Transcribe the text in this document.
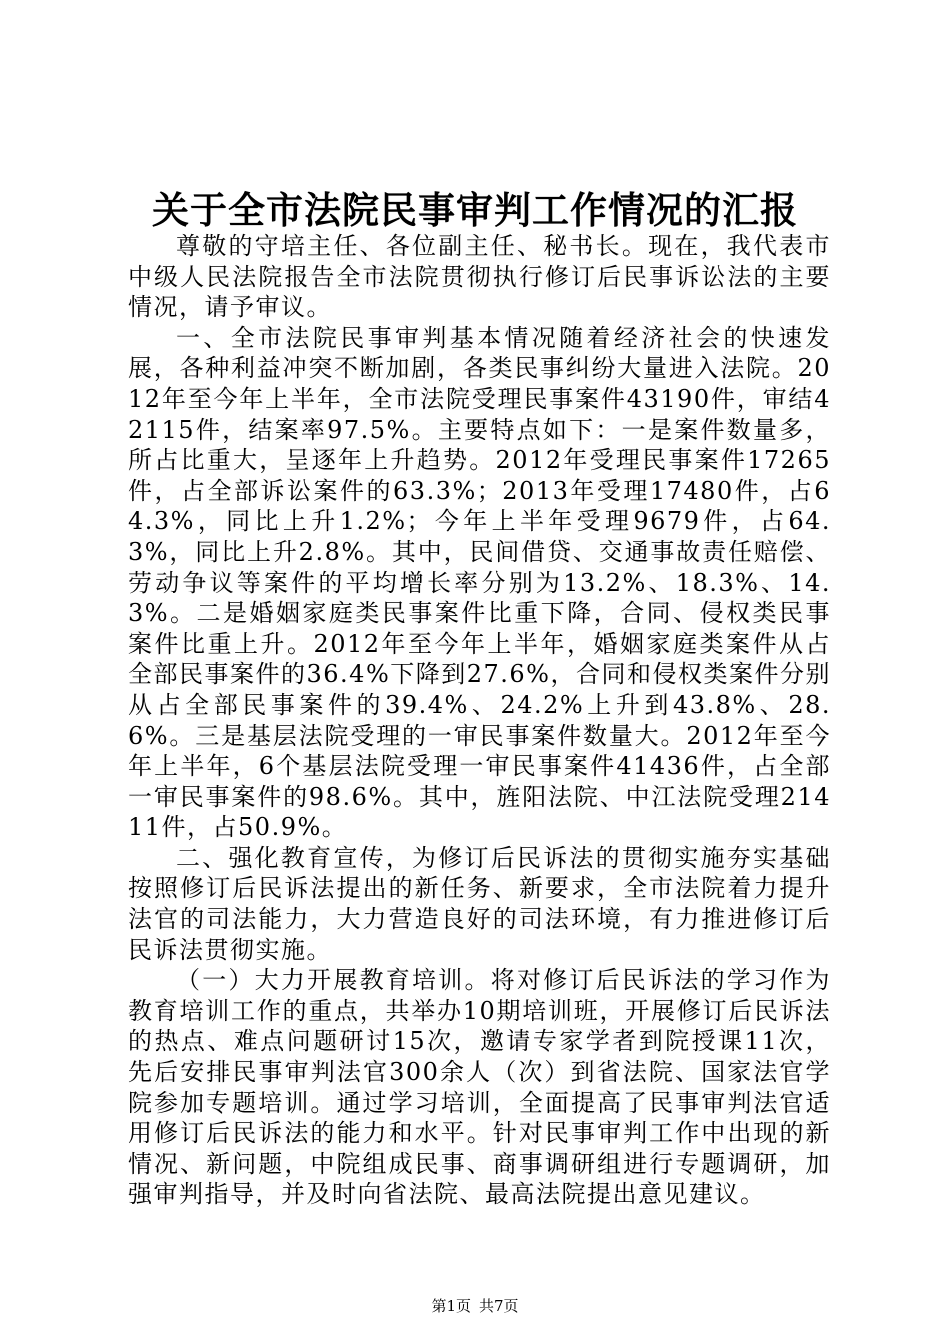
关于全市法院民事审判工作情况的汇报

尊敬的守培主任、各位副主任、秘书长。现在，我代表市中级人民法院报告全市法院贯彻执行修订后民事诉讼法的主要情况，请予审议。

一、全市法院民事审判基本情况随着经济社会的快速发展，各种利益冲突不断加剧，各类民事纠纷大量进入法院。2012年至今年上半年，全市法院受理民事案件43190件，审结42115件，结案率97.5%。主要特点如下：一是案件数量多，所占比重大，呈逐年上升趋势。2012年受理民事案件17265件，占全部诉讼案件的63.3%；2013年受理17480件，占64.3%，同比上升1.2%；今年上半年受理9679件，占64.3%，同比上升2.8%。其中，民间借贷、交通事故责任赔偿、劳动争议等案件的平均增长率分别为13.2%、18.3%、14.3%。二是婚姻家庭类民事案件比重下降，合同、侵权类民事案件比重上升。2012年至今年上半年，婚姻家庭类案件从占全部民事案件的36.4%下降到27.6%，合同和侵权类案件分别从占全部民事案件的39.4%、24.2%上升到43.8%、28.6%。三是基层法院受理的一审民事案件数量大。2012年至今年上半年，6个基层法院受理一审民事案件41436件，占全部一审民事案件的98.6%。其中，旌阳法院、中江法院受理21411件，占50.9%。

二、强化教育宣传，为修订后民诉法的贯彻实施夯实基础按照修订后民诉法提出的新任务、新要求，全市法院着力提升法官的司法能力，大力营造良好的司法环境，有力推进修订后民诉法贯彻实施。

（一）大力开展教育培训。将对修订后民诉法的学习作为教育培训工作的重点，共举办10期培训班，开展修订后民诉法的热点、难点问题研讨15次，邀请专家学者到院授课11次，先后安排民事审判法官300余人（次）到省法院、国家法官学院参加专题培训。通过学习培训，全面提高了民事审判法官适用修订后民诉法的能力和水平。针对民事审判工作中出现的新情况、新问题，中院组成民事、商事调研组进行专题调研，加强审判指导，并及时向省法院、最高法院提出意见建议。

第1页 共7页
